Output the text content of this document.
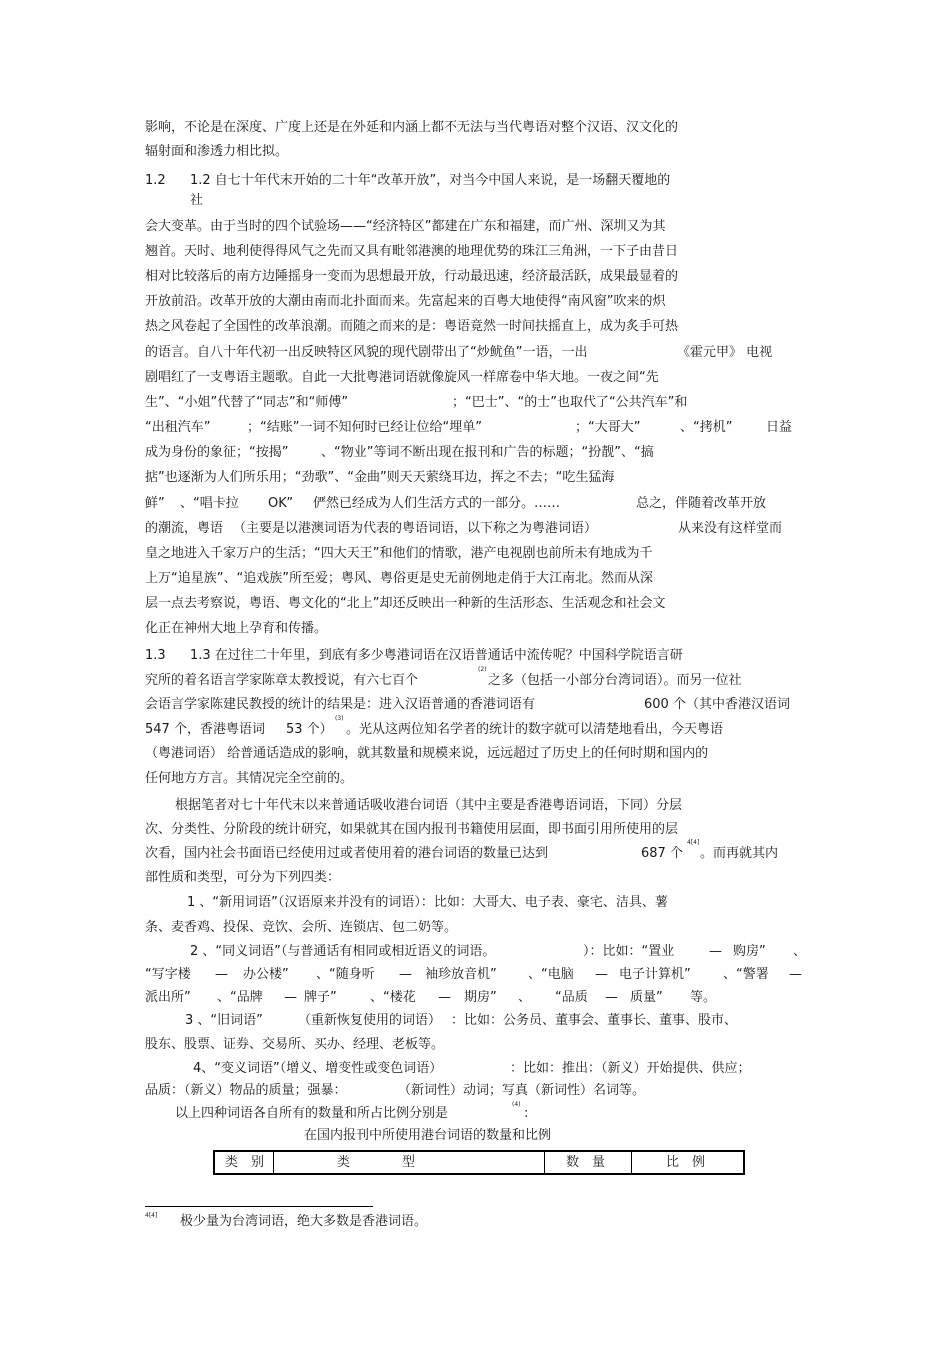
影响，不论是在深度、广度上还是在外延和内涵上都不无法与当代粤语对整个汉语、汉文化的
辐射面和渗透力相比拟。
1.2 1.2 自七十年代末开始的二十年“改革开放”，对当今中国人来说，是一场翻天覆地的
社
会大变革。由于当时的四个试验场——“经济特区”都建在广东和福建，而广州、深圳又为其
翘首。天时、地利使得得风气之先而又具有毗邻港澳的地理优势的珠江三角洲，一下子由昔日
相对比较落后的南方边陲摇身一变而为思想最开放，行动最迅速，经济最活跃，成果最显着的
开放前沿。改革开放的大潮由南而北扑面而来。先富起来的百粤大地使得“南风窗”吹来的炽
热之风卷起了全国性的改革浪潮。而随之而来的是：粤语竟然一时间扶摇直上，成为炙手可热
的语言。自八十年代初一出反映特区风貌的现代剧带出了“炒鱿鱼”一语，一出	《霍元甲》 电视
剧唱红了一支粤语主题歌。自此一大批粤港词语就像旋风一样席卷中华大地。一夜之间“先
生”、“小姐”代替了“同志”和“师傅”	；“巴士”、“的士”也取代了“公共汽车”和
“出租汽车”	；“结账”一词不知何时已经让位给“埋单”	；“大哥大”	、“拷机”	日益
成为身份的象征；“按揭”	、“物业”等词不断出现在报刊和广告的标题；“扮靓”、“搞
掂”也逐渐为人们所乐用；“劲歌”、“金曲”则天天萦绕耳边，挥之不去；“吃生猛海
鲜” 、“唱卡拉 OK” 俨然已经成为人们生活方式的一部分。……	总之，伴随着改革开放
的潮流，粤语 （主要是以港澳词语为代表的粤语词语，以下称之为粤港词语）	从来没有这样堂而
皇之地进入千家万户的生活；“四大天王”和他们的情歌，港产电视剧也前所未有地成为千
上万“追星族”、“追戏族”所至爱；粤风、粤俗更是史无前例地走俏于大江南北。然而从深
层一点去考察说，粤语、粤文化的“北上”却还反映出一种新的生活形态、生活观念和社会文
化正在神州大地上孕育和传播。
1.3 1.3 在过往二十年里，到底有多少粤港词语在汉语普通话中流传呢？中国科学院语言研
究所的着名语言学家陈章太教授说，有六七百个
(2)
之多（包括一小部分台湾词语）。而另一位社
会语言学家陈建民教授的统计的结果是：进入汉语普通的香港词语有	600 个（其中香港汉语词
547 个，香港粤语词 53 个）
(3)
。光从这两位知名学者的统计的数字就可以清楚地看出，今天粤语
（粤港词语） 给普通话造成的影响，就其数量和规模来说，远远超过了历史上的任何时期和国内的
任何地方方言。其情况完全空前的。
根据笔者对七十年代末以来普通话吸收港台词语（其中主要是香港粤语词语，下同）分层
次、分类性、分阶段的统计研究，如果就其在国内报刊书籍使用层面，即书面引用所使用的层
次看，国内社会书面语已经使用过或者使用着的港台词语的数量已达到	687 个
4[4]
。而再就其内
部性质和类型，可分为下列四类：
1 、“新用词语”（汉语原来并没有的词语）：比如：大哥大、电子表、豪宅、洁具、薯
条、麦香鸡、投保、竞饮、会所、连锁店、包二奶等。
2 、“同义词语”（与普通话有相同或相近语义的词语。	）：比如：“置业	— 购房” 、
“写字楼 — 办公楼” 、“随身听 — 袖珍放音机” 、“电脑 — 电子计算机” 、“警署 —
派出所” 、“品牌 — 牌子”	、“楼花 — 期房” 、 “品质 — 质量” 等。
3 、“旧词语”	（重新恢复使用的词语） ：比如：公务员、董事会、董事长、董事、股市、
股东、股票、证券、交易所、买办、经理、老板等。
4、“变义词语”（增义、增变性或变色词语）	：比如：推出：（新义）开始提供、供应；
品质：（新义）物品的质量；强暴：	（新词性）动词；写真（新词性）名词等。
以上四种词语各自所有的数量和所占比例分别是
(4)
:
在国内报刊中所使用港台词语的数量和比例
类　别	类　　　　型	数　量	比　例
4[4] 极少量为台湾词语，绝大多数是香港词语。
